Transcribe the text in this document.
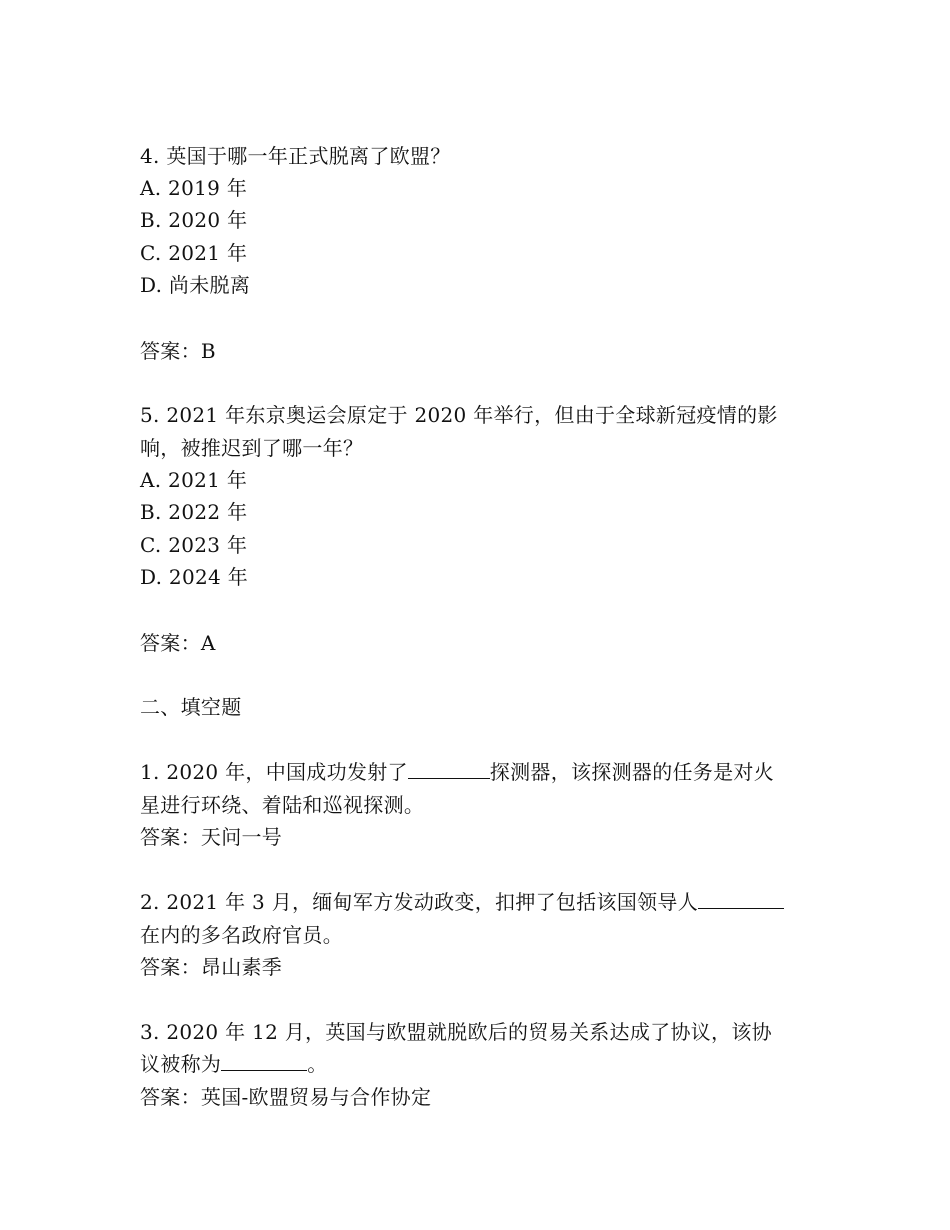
4. 英国于哪一年正式脱离了欧盟？
A. 2019 年
B. 2020 年
C. 2021 年
D. 尚未脱离
答案：B
5. 2021 年东京奥运会原定于 2020 年举行，但由于全球新冠疫情的影
响，被推迟到了哪一年？
A. 2021 年
B. 2022 年
C. 2023 年
D. 2024 年
答案：A
二、填空题
1. 2020 年，中国成功发射了	探测器，该探测器的任务是对火
星进行环绕、着陆和巡视探测。
答案：天问一号
2. 2021 年 3 月，缅甸军方发动政变，扣押了包括该国领导人
在内的多名政府官员。
答案：昂山素季
3. 2020 年 12 月，英国与欧盟就脱欧后的贸易关系达成了协议，该协
议被称为	。
答案：英国-欧盟贸易与合作协定
